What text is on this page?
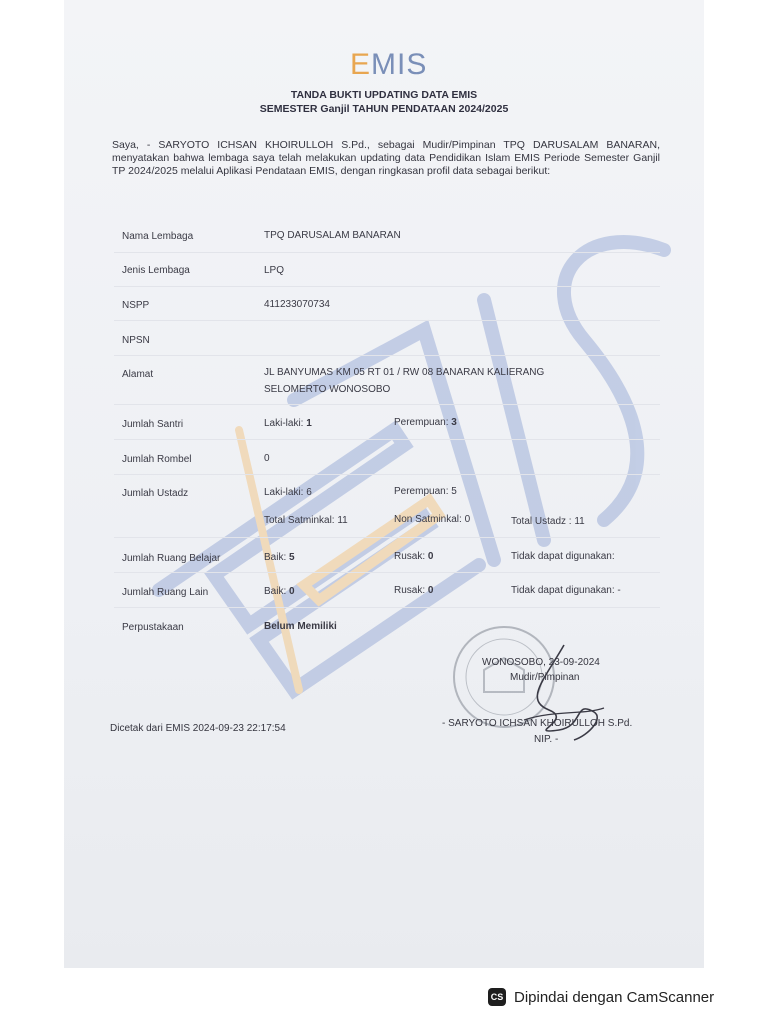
EMIS
TANDA BUKTI UPDATING DATA EMIS
SEMESTER Ganjil TAHUN PENDATAAN 2024/2025
Saya, - SARYOTO ICHSAN KHOIRULLOH S.Pd., sebagai Mudir/Pimpinan TPQ DARUSALAM BANARAN, menyatakan bahwa lembaga saya telah melakukan updating data Pendidikan Islam EMIS Periode Semester Ganjil TP 2024/2025 melalui Aplikasi Pendataan EMIS, dengan ringkasan profil data sebagai berikut:
Nama Lembaga	TPQ DARUSALAM BANARAN
Jenis Lembaga	LPQ
NSPP	411233070734
NPSN
Alamat	JL BANYUMAS KM 05 RT 01 / RW 08 BANARAN KALIERANG
SELOMERTO WONOSOBO
Jumlah Santri	Laki-laki: 1	Perempuan: 3
Jumlah Rombel	0
Jumlah Ustadz	Laki-laki: 6	Perempuan: 5
Total Satminkal: 11	Non Satminkal: 0	Total Ustadz : 11
Jumlah Ruang Belajar	Baik: 5	Rusak: 0	Tidak dapat digunakan:
Jumlah Ruang Lain	Baik: 0	Rusak: 0	Tidak dapat digunakan: -
Perpustakaan	Belum Memiliki
WONOSOBO, 23-09-2024
Mudir/Pimpinan
- SARYOTO ICHSAN KHOIRULLOH S.Pd.
NIP. -
Dicetak dari EMIS 2024-09-23 22:17:54
CS Dipindai dengan CamScanner
